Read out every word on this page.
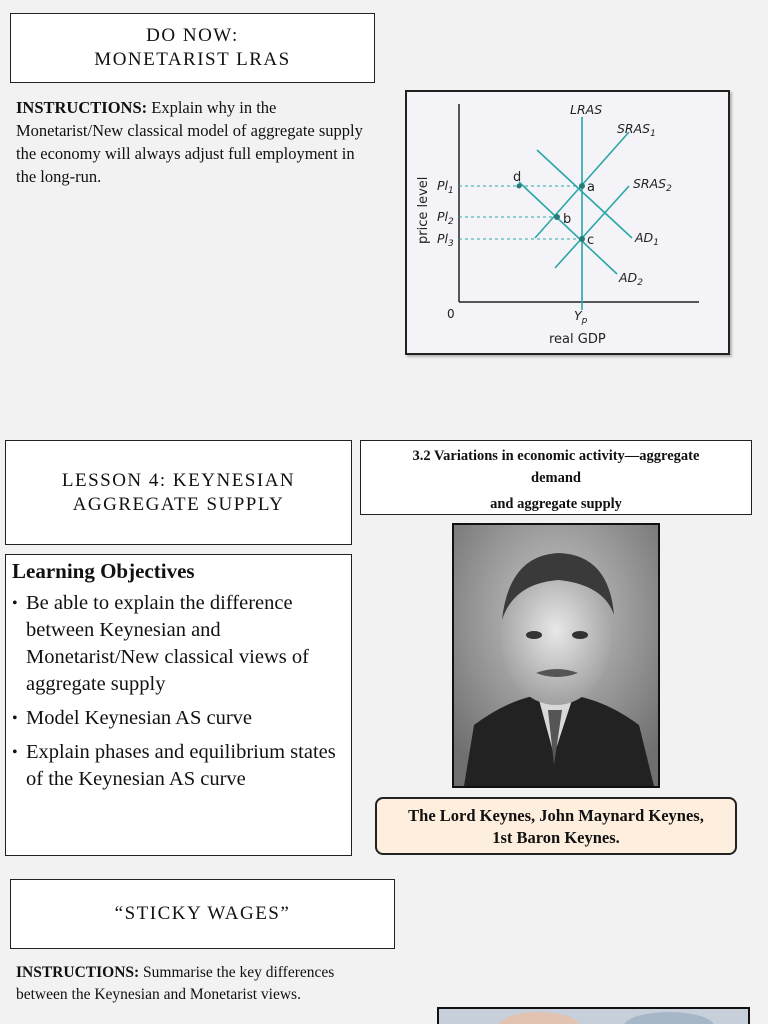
DO NOW:
MONETARIST LRAS
INSTRUCTIONS: Explain why in the Monetarist/New classical model of aggregate supply the economy will always adjust full employment in the long-run.
LRAS
$SRAS_1$
$SRAS_2$
$AD_1$
$AD_2$
a
b
c
d
$Pl_1$
$Pl_2$
$Pl_3$
price level
0	$Y_p$
real GDP
LESSON 4: KEYNESIAN
AGGREGATE SUPPLY
3.2 Variations in economic activity—aggregate
demand
and aggregate supply
Learning Objectives
• Be able to explain the difference between Keynesian and Monetarist/New classical views of aggregate supply
• Model Keynesian AS curve
• Explain phases and equilibrium states of the Keynesian AS curve
The Lord Keynes, John Maynard Keynes,
1st Baron Keynes.
“STICKY WAGES”
INSTRUCTIONS: Summarise the key differences between the Keynesian and Monetarist views.
